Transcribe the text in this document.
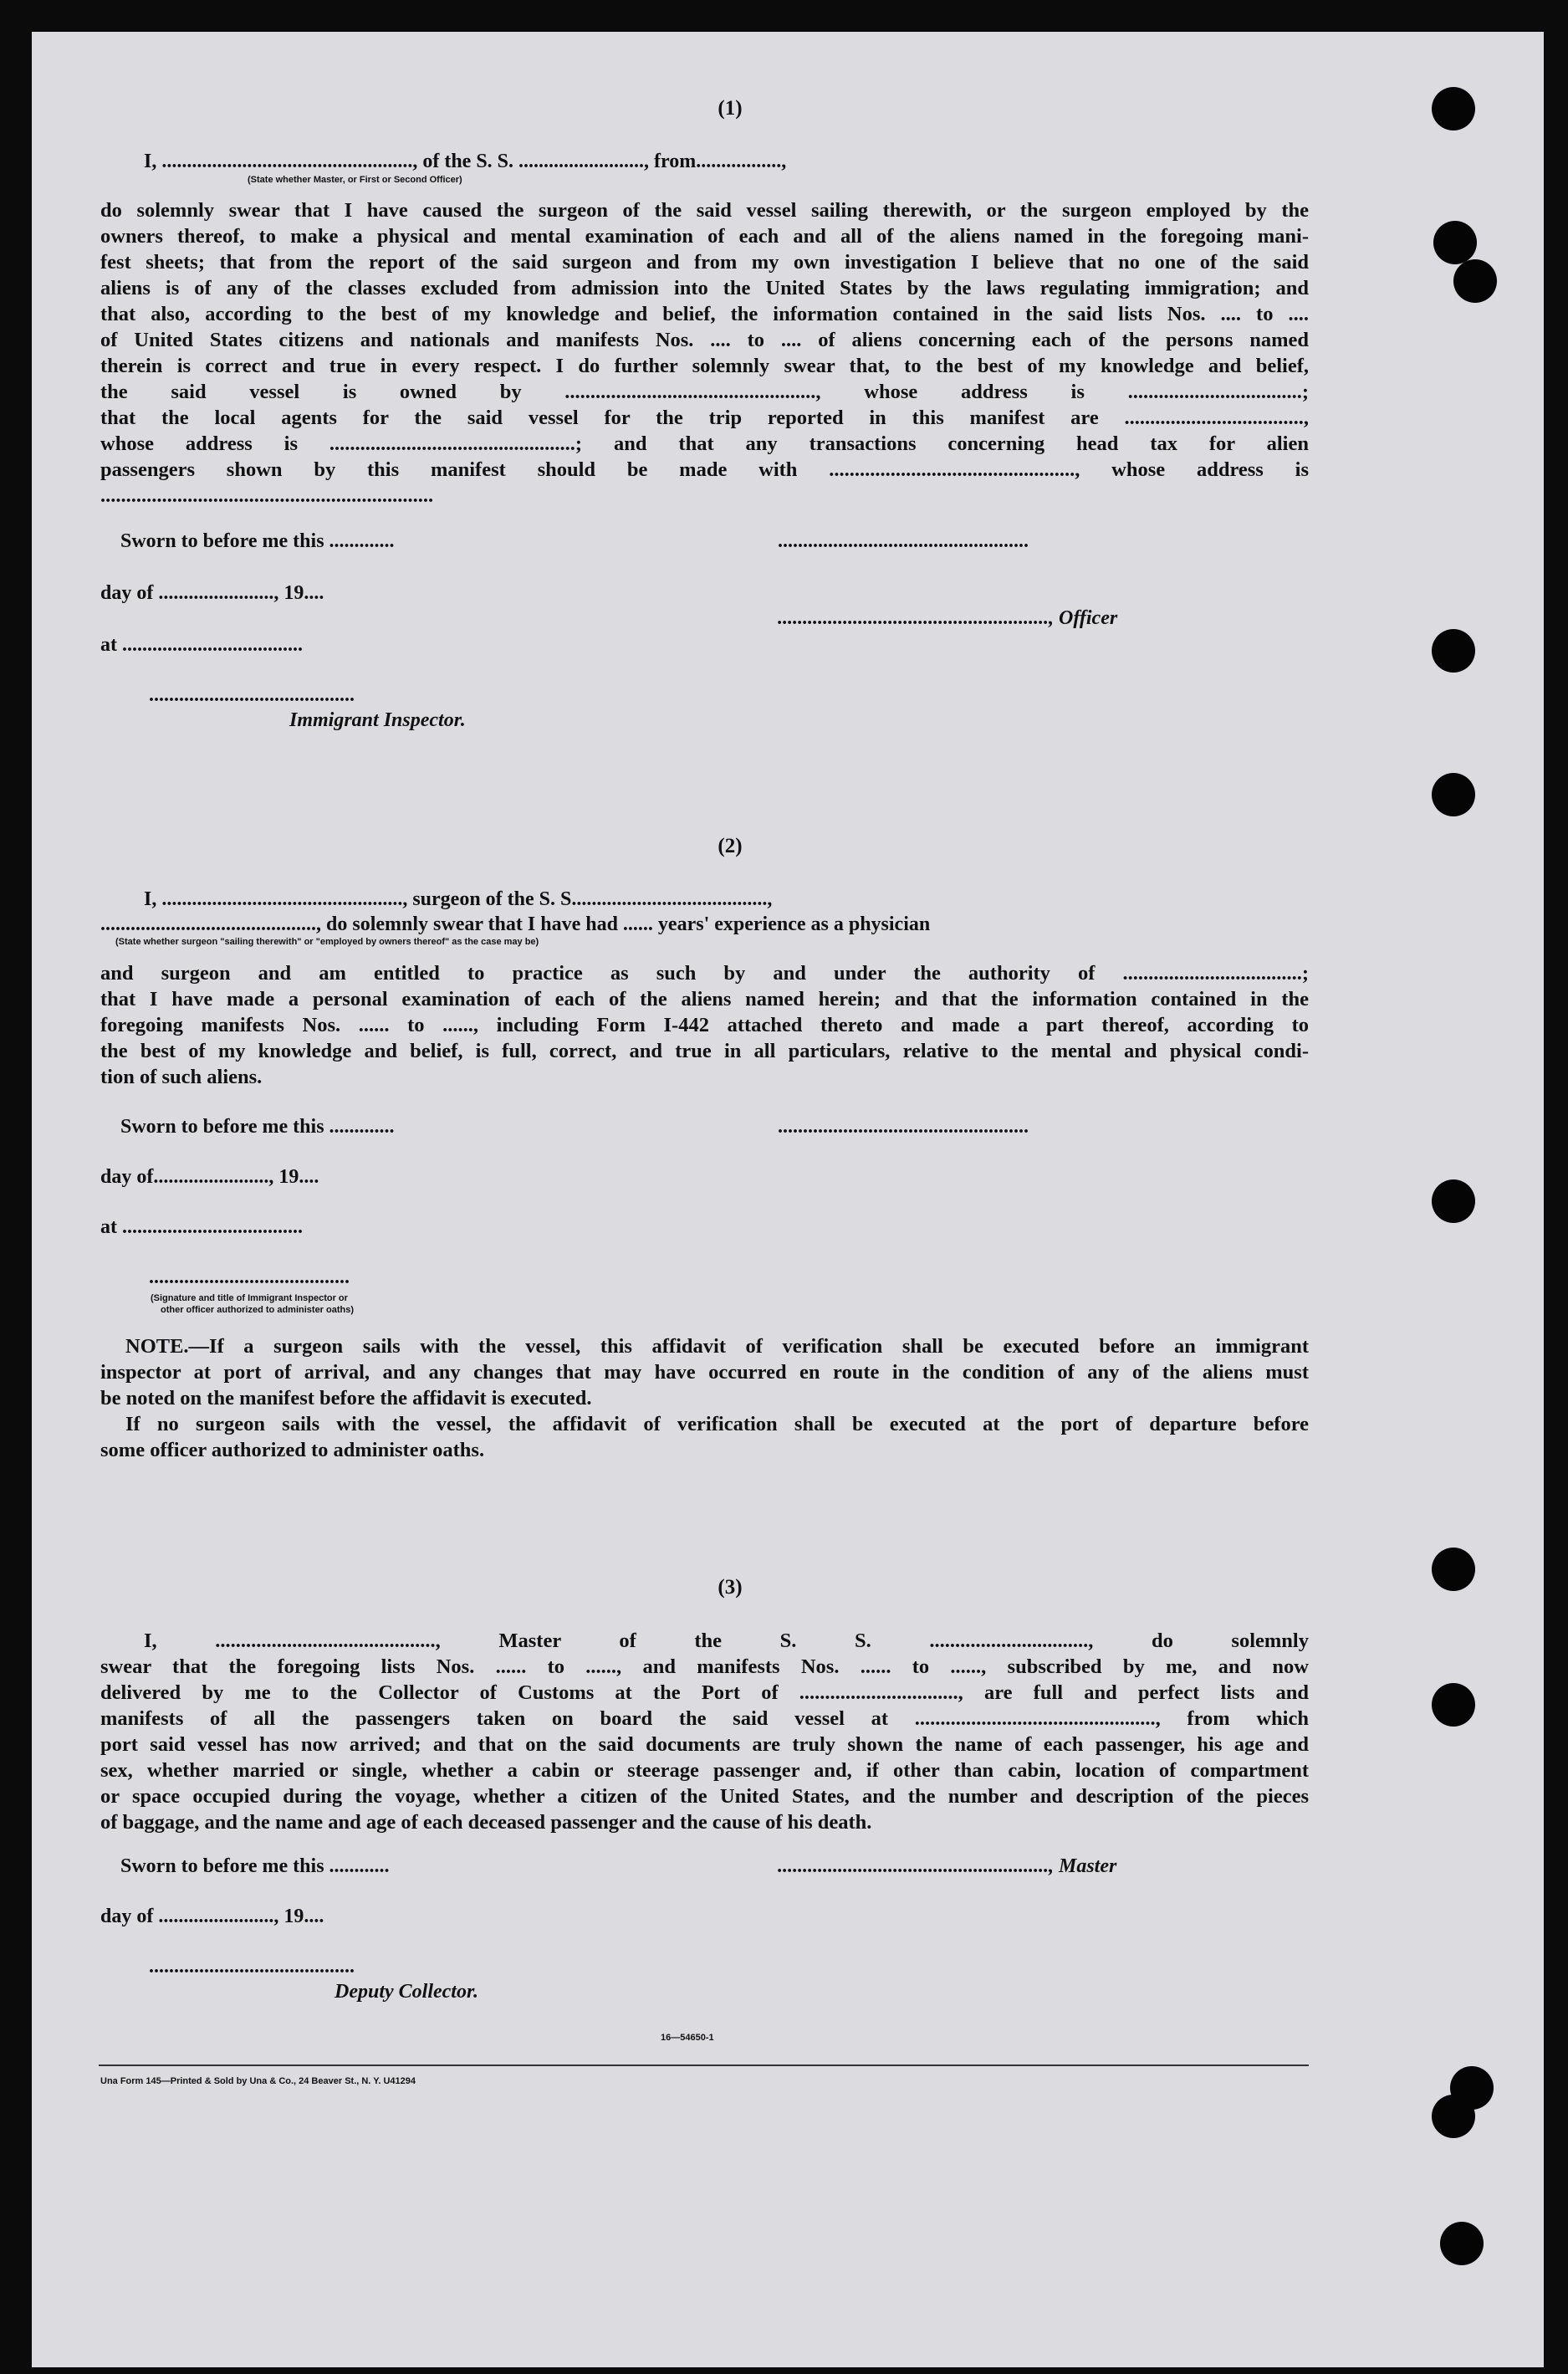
(1)
I, .................................................., of the S. S. ........................., from.................,
(State whether Master, or First or Second Officer)
do solemnly swear that I have caused the surgeon of the said vessel sailing therewith, or the surgeon employed by the
owners thereof, to make a physical and mental examination of each and all of the aliens named in the foregoing mani-
fest sheets; that from the report of the said surgeon and from my own investigation I believe that no one of the said
aliens is of any of the classes excluded from admission into the United States by the laws regulating immigration; and
that also, according to the best of my knowledge and belief, the information contained in the said lists Nos. .... to ....
of United States citizens and nationals and manifests Nos. .... to .... of aliens concerning each of the persons named
therein is correct and true in every respect. I do further solemnly swear that, to the best of my knowledge and belief,
the said vessel is owned by ................................................., whose address is ..................................;
that the local agents for the said vessel for the trip reported in this manifest are ...................................,
whose address is ................................................; and that any transactions concerning head tax for alien
passengers shown by this manifest should be made with ................................................, whose address is
.................................................................
Sworn to before me this .............	..................................................
day of ......................., 19....
......................................................, Officer
at ....................................
.........................................
Immigrant Inspector.
(2)
I, ................................................, surgeon of the S. S.......................................,
..........................................., do solemnly swear that I have had ...... years' experience as a physician
(State whether surgeon "sailing therewith" or "employed by owners thereof" as the case may be)
and surgeon and am entitled to practice as such by and under the authority of ...................................;
that I have made a personal examination of each of the aliens named herein; and that the information contained in the
foregoing manifests Nos. ...... to ......, including Form I-442 attached thereto and made a part thereof, according to
the best of my knowledge and belief, is full, correct, and true in all particulars, relative to the mental and physical condi-
tion of such aliens.
Sworn to before me this .............	..................................................
day of......................., 19....
at ....................................
........................................
(Signature and title of Immigrant Inspector or
other officer authorized to administer oaths)
NOTE.—If a surgeon sails with the vessel, this affidavit of verification shall be executed before an immigrant
inspector at port of arrival, and any changes that may have occurred en route in the condition of any of the aliens must
be noted on the manifest before the affidavit is executed.
If no surgeon sails with the vessel, the affidavit of verification shall be executed at the port of departure before
some officer authorized to administer oaths.
(3)
I, ..........................................., Master of the S. S. ..............................., do solemnly
swear that the foregoing lists Nos. ...... to ......, and manifests Nos. ...... to ......, subscribed by me, and now
delivered by me to the Collector of Customs at the Port of ..............................., are full and perfect lists and
manifests of all the passengers taken on board the said vessel at ..............................................., from which
port said vessel has now arrived; and that on the said documents are truly shown the name of each passenger, his age and
sex, whether married or single, whether a cabin or steerage passenger and, if other than cabin, location of compartment
or space occupied during the voyage, whether a citizen of the United States, and the number and description of the pieces
of baggage, and the name and age of each deceased passenger and the cause of his death.
Sworn to before me this ............	......................................................, Master
day of ......................., 19....
.........................................
Deputy Collector.
16—54650-1
Una Form 145—Printed & Sold by Una & Co., 24 Beaver St., N. Y. U41294
